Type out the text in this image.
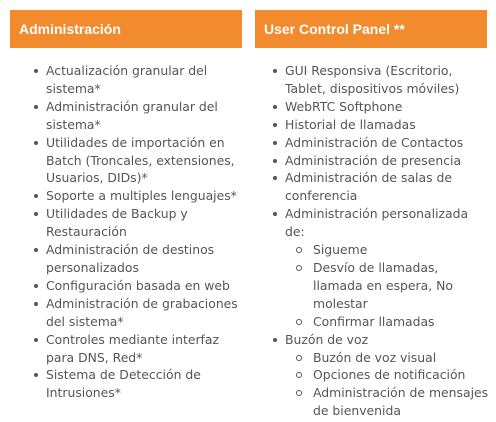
Administración
Actualización granular del sistema*
Administración granular del sistema*
Utilidades de importación en Batch (Troncales, extensiones, Usuarios, DIDs)*
Soporte a multiples lenguajes*
Utilidades de Backup y Restauración
Administración de destinos personalizados
Configuración basada en web
Administración de grabaciones del sistema*
Controles mediante interfaz para DNS, Red*
Sistema de Detección de Intrusiones*
User Control Panel **
GUI Responsiva (Escritorio, Tablet, dispositivos móviles)
WebRTC Softphone
Historial de llamadas
Administración de Contactos
Administración de presencia
Administración de salas de conferencia
Administración personalizada de:
Sigueme
Desvío de llamadas, llamada en espera, No molestar
Confirmar llamadas
Buzón de voz
Buzón de voz visual
Opciones de notificación
Administración de mensajes de bienvenida
